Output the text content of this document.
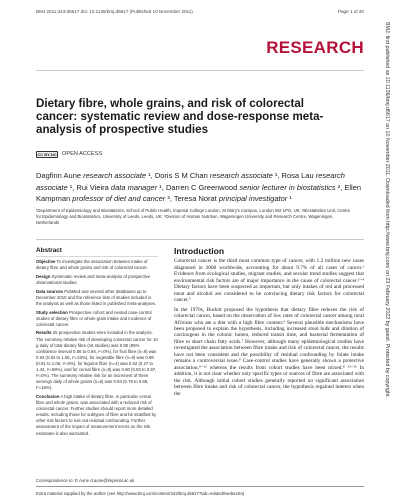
BMJ 2011;343:d6617 doi: 10.1136/bmj.d6617 (Published 10 November 2011)	Page 1 of 20
RESEARCH
Dietary fibre, whole grains, and risk of colorectal cancer: systematic review and dose-response meta-analysis of prospective studies
CC BY-NC OPEN ACCESS
Dagfinn Aune research associate ¹, Doris S M Chan research associate ¹, Rosa Lau research associate ¹, Rui Vieira data manager ¹, Darren C Greenwood senior lecturer in biostatistics ², Ellen Kampman professor of diet and cancer ³, Teresa Norat principal investigator ¹
¹Department of Epidemiology and Biostatistics, School of Public Health, Imperial College London, St Mary's Campus, London W2 1PG, UK; ²Biostatistics Unit, Centre for Epidemiology and Biostatistics, University of Leeds, Leeds, UK; ³Division of Human Nutrition, Wageningen University and Research Centre, Wageningen, Netherlands
Abstract

Objective To investigate the association between intake of dietary fibre and whole grains and risk of colorectal cancer.

Design Systematic review and meta-analysis of prospective observational studies.

Data sources PubMed and several other databases up to December 2010 and the reference lists of studies included in the analysis as well as those listed in published meta-analyses.

Study selection Prospective cohort and nested case-control studies of dietary fibre or whole grain intake and incidence of colorectal cancer.

Results 25 prospective studies were included in the analysis. The summary relative risk of developing colorectal cancer for 10 g daily of total dietary fibre (16 studies) was 0.90 (95% confidence interval 0.86 to 0.94, I²=0%), for fruit fibre (n=9) was 0.93 (0.82 to 1.05, I²=23%), for vegetable fibre (n=9) was 0.98 (0.91 to 1.06, I²=0%), for legume fibre (n=4) was 0.62 (0.27 to 1.42, I²=58%), and for cereal fibre (n=8) was 0.90 (0.83 to 0.97, I²=0%). The summary relative risk for an increment of three servings daily of whole grains (n=6) was 0.83 (0.78 to 0.89, I²=18%).

Conclusion A high intake of dietary fibre, in particular cereal fibre and whole grains, was associated with a reduced risk of colorectal cancer. Further studies should report more detailed results, including those for subtypes of fibre and be stratified by other risk factors to rule out residual confounding. Further assessment of the impact of measurement errors on the risk estimates is also warranted.

Introduction

Colorectal cancer is the third most common type of cancer, with 1.2 million new cases diagnosed in 2008 worldwide, accounting for about 9.7% of all cases of cancer.¹ Evidence from ecological studies, migrant studies, and secular trend studies suggest that environmental risk factors are of major importance in the cause of colorectal cancer.²⁻⁴ Dietary factors have been suspected as important, but only intakes of red and processed meat and alcohol are considered to be convincing dietary risk factors for colorectal cancer.⁵

In the 1970s, Burkitt proposed the hypothesis that dietary fibre reduces the risk of colorectal cancer, based on the observation of low rates of colorectal cancer among rural Africans who ate a diet with a high fibre content.⁶ Several plausible mechanisms have been proposed to explain the hypothesis, including increased stool bulk and dilution of carcinogens in the colonic lumen, reduced transit time, and bacterial fermentation of fibre to short chain fatty acids.⁷ However, although many epidemiological studies have investigated the association between fibre intake and risk of colorectal cancer, the results have not been consistent and the possibility of residual confounding by folate intake remains a controversial issue.⁸ Case-control studies have generally shown a protective association,⁹⁻¹² whereas the results from cohort studies have been mixed.⁸ ¹³⁻¹⁶ In addition, it is not clear whether only specific types or sources of fibre are associated with the risk. Although initial cohort studies generally reported no significant association between fibre intake and risk of colorectal cancer, the hypothesis regained interest when the

Correspondence to: D Aune d.aune@imperial.ac.uk
Extra material supplied by the author (see http://www.bmj.com/content/343/bmj.d6617?tab=related#webextra)
BMJ: first published as 10.1136/bmj.d6617 on 10 November 2011. Downloaded from http://www.bmj.com/ on 23 February 2022 by guest. Protected by copyright.
